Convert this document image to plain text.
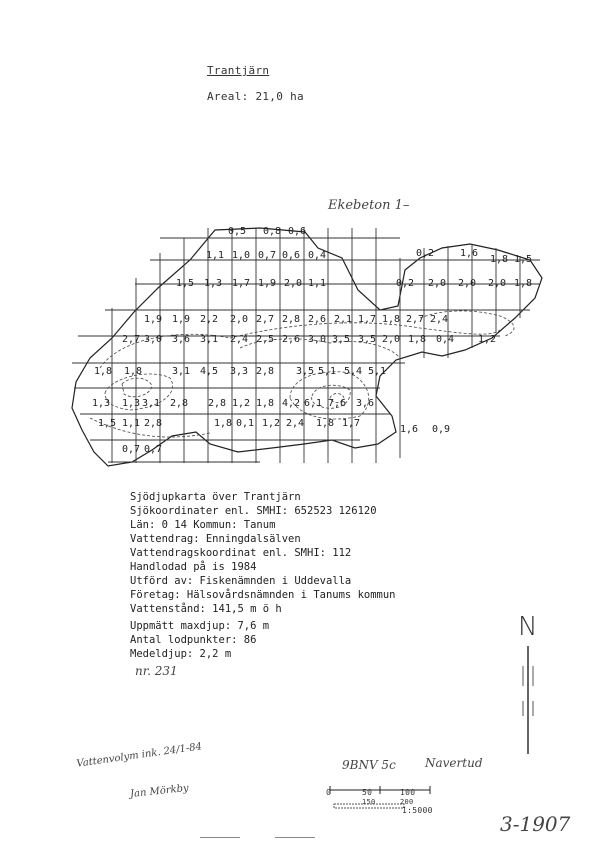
Trantjärn
Areal: 21,0 ha
Ekebeton 1–
0,5 0,8 0,6
1,1 1,0 0,7 0,6 0,4	0,2	1,6
1,8 1,5
1,5 1,3 1,7 1,9 2,0 1,1	0,2 2,0 2,0 2,0 1,8
1,9 1,9 2,2 2,0 2,7 2,8 2,6 2,1 1,7 1,8 2,7 2,4
2,7 3,0 3,6 3,1 2,4 2,5 2,6 3,0 3,5 3,5 2,0 1,8 0,4 1,2
1,8 1,8	3,1 4,5 3,3 2,8 3,5 5,1 5,4 5,1
1,3 1,3 3,1 2,8 2,8 1,2 1,8 4,2 6,1 7,6 3,6
1,5 1,1 2,8	1,8 0,1 1,2 2,4 1,8 1,7
1,6 0,9
0,7 0,7
Sjödjupkarta över Trantjärn
Sjökoordinater enl. SMHI: 652523 126120
Län: 0 14 Kommun: Tanum
Vattendrag: Enningdalsälven
Vattendragskoordinat enl. SMHI: 112
Handlodad på is 1984
Utförd av: Fiskenämnden i Uddevalla
Företag: Hälsovårdsnämnden i Tanums kommun
Vattenstånd: 141,5 m ö h
Uppmätt maxdjup: 7,6 m
Antal lodpunkter: 86
Medeldjup: 2,2 m
nr. 231
N
Vattenvolym ink. 24/1-84
Jan Mörkby
9BNV 5c Navertud
0	50	100
150	200
1:5000
3-1907
